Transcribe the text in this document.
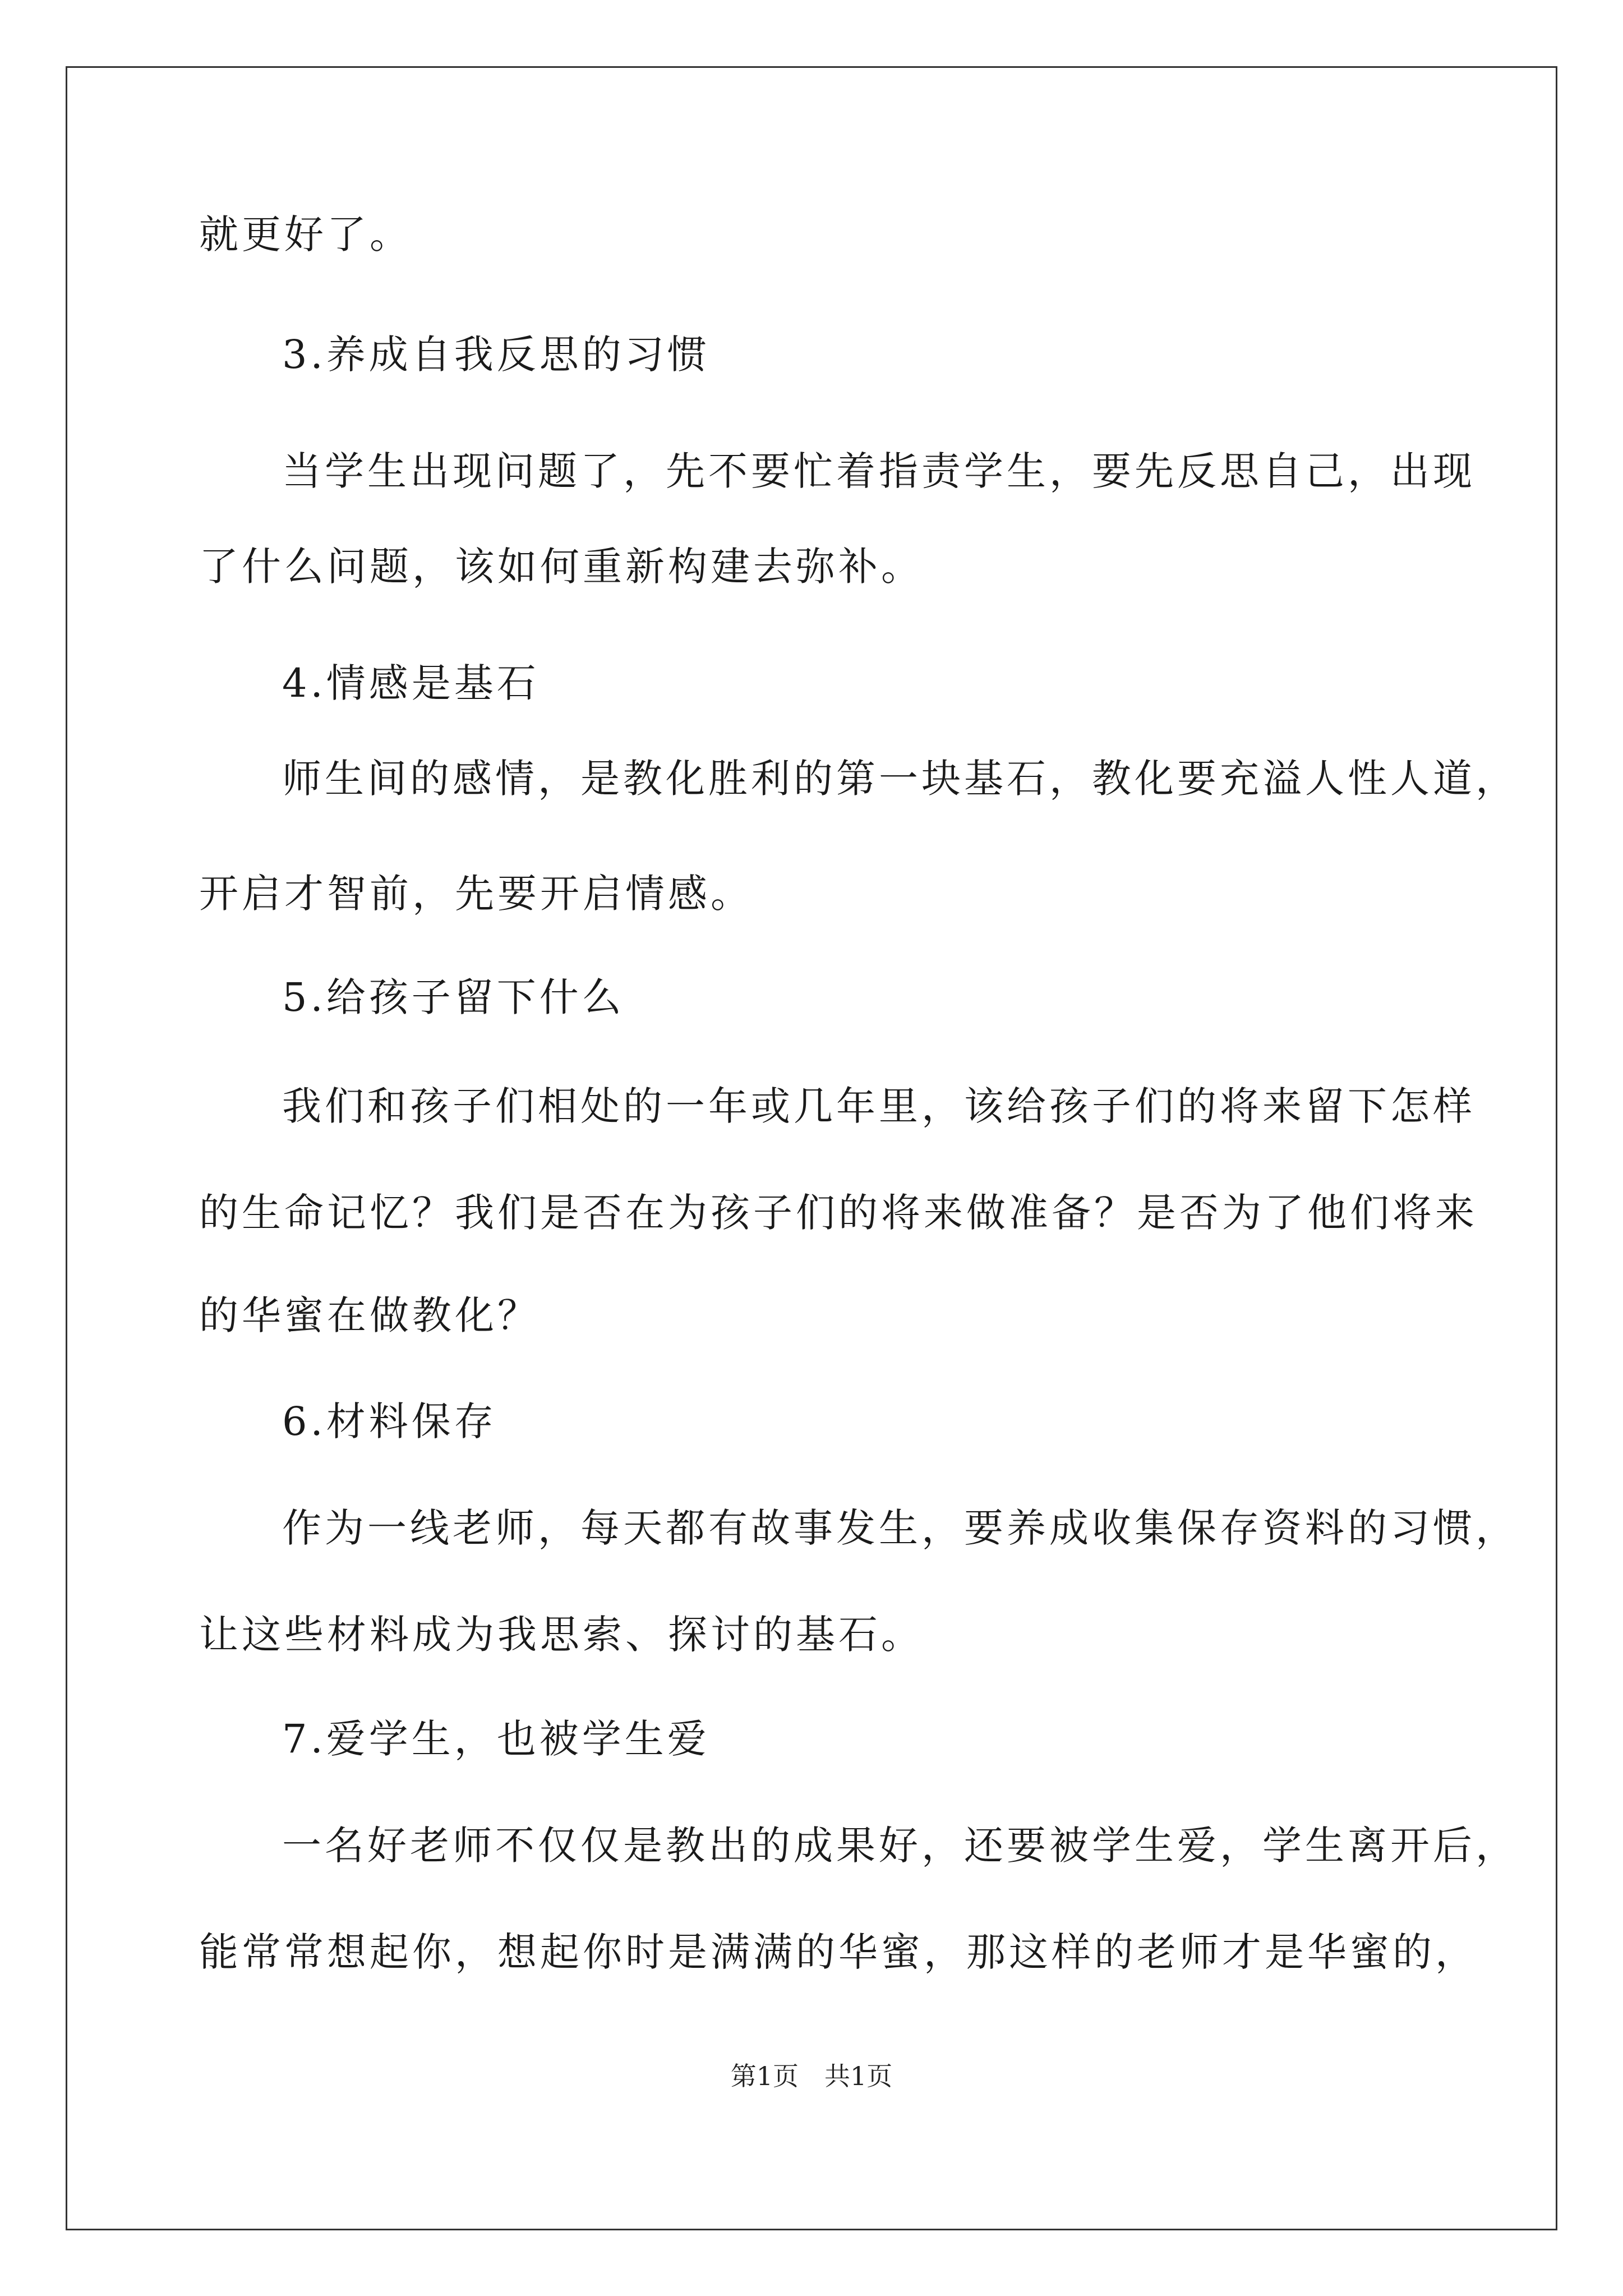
就更好了。
3.养成自我反思的习惯
当学生出现问题了，先不要忙着指责学生，要先反思自己，出现
了什么问题，该如何重新构建去弥补。
4.情感是基石
师生间的感情，是教化胜利的第一块基石，教化要充溢人性人道，
开启才智前，先要开启情感。
5.给孩子留下什么
我们和孩子们相处的一年或几年里，该给孩子们的将来留下怎样
的生命记忆？我们是否在为孩子们的将来做准备？是否为了他们将来
的华蜜在做教化？
6.材料保存
作为一线老师，每天都有故事发生，要养成收集保存资料的习惯，
让这些材料成为我思索、探讨的基石。
7.爱学生，也被学生爱
一名好老师不仅仅是教出的成果好，还要被学生爱，学生离开后，
能常常想起你，想起你时是满满的华蜜，那这样的老师才是华蜜的，
第1页　共1页
